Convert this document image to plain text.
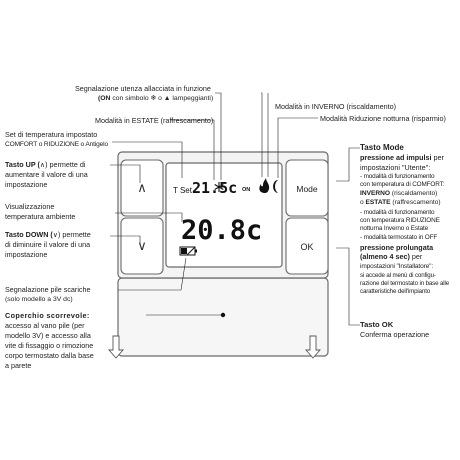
T Set 21.5c ON
20.8c
∧
∨
Mode
OK
Segnalazione utenza allacciata in funzione
(ON con simbolo ❄ o ▲ lampeggianti)
Modalità in INVERNO (riscaldamento)
Modalità in ESTATE (raffrescamento)	Modalità Riduzione notturna (risparmio)
Set di temperatura impostato
COMFORT o RIDUZIONE o Antigelo
Tasto UP (∧) permette di
aumentare il valore di una
impostazione
Visualizzazione
temperatura ambiente
Tasto DOWN (∨) permette
di diminuire il valore di una
impostazione
Segnalazione pile scariche
(solo modello a 3V dc)
Coperchio scorrevole:
accesso al vano pile (per
modello 3V) e accesso alla
vite di fissaggio o rimozione
corpo termostato dalla base
a parete
Tasto Mode
pressione ad impulsi per
impostazioni "Utente":
- modalità di funzionamento
con temperatura di COMFORT:
INVERNO (riscaldamento)
o ESTATE (raffrescamento)
- modalità di funzionamento
con temperatura RIDUZIONE
notturna Inverno o Estate
- modalità termostato in OFF
pressione prolungata
(almeno 4 sec) per
impostazioni "Installatore":
si accede al menù di configu-
razione del termostato in base alle
caratteristiche dell'impianto
Tasto OK
Conferma operazione
